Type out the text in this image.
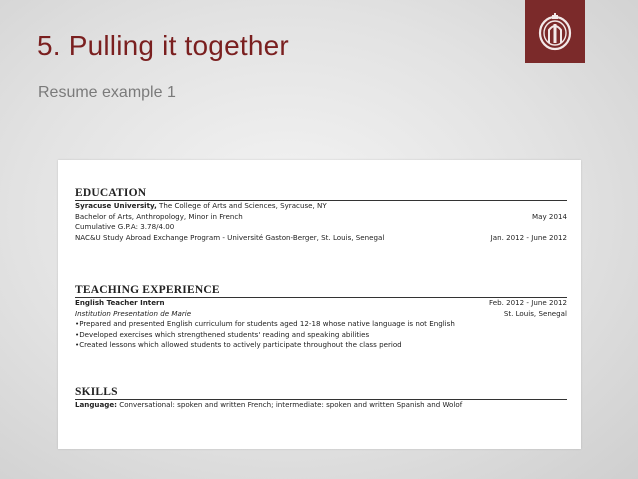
5. Pulling it together
Resume example 1
EDUCATION
Syracuse University, The College of Arts and Sciences, Syracuse, NY
Bachelor of Arts, Anthropology, Minor in French	May 2014
Cumulative G.P.A: 3.78/4.00
NAC&U Study Abroad Exchange Program - Université Gaston-Berger, St. Louis, Senegal	Jan. 2012 - June 2012
TEACHING EXPERIENCE
English Teacher Intern	Feb. 2012 - June 2012
Institution Presentation de Marie	St. Louis, Senegal
• Prepared and presented English curriculum for students aged 12-18 whose native language is not English
• Developed exercises which strengthened students' reading and speaking abilities
• Created lessons which allowed students to actively participate throughout the class period
SKILLS
Language: Conversational: spoken and written French; intermediate: spoken and written Spanish and Wolof
